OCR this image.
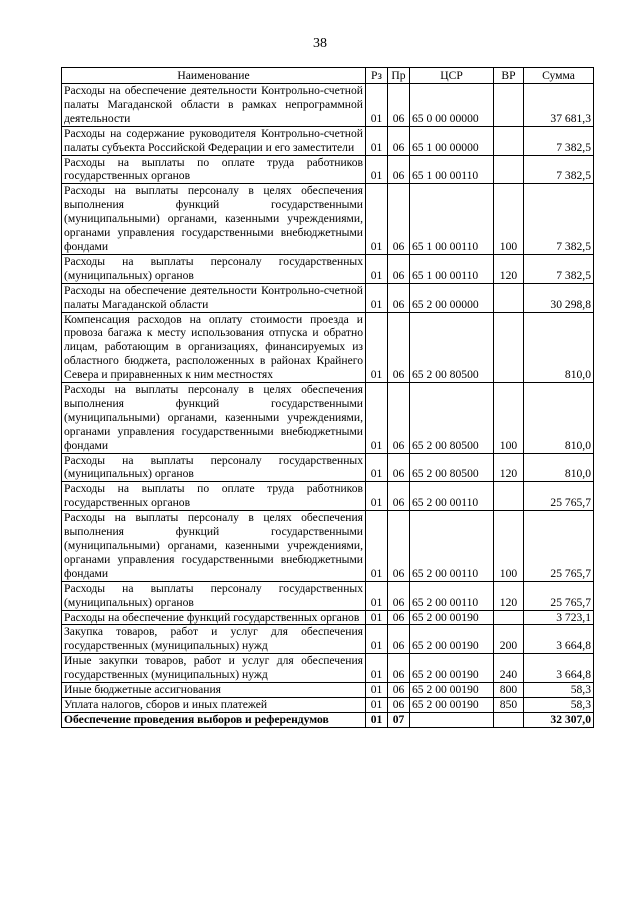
38
Наименование	Рз	Пр	ЦСР	ВР	Сумма
Расходы на обеспечение деятельности Контрольно-счетной палаты Магаданской области в рамках непрограммной деятельности	01	06	65 0 00 00000		37 681,3
Расходы на содержание руководителя Контрольно-счетной палаты субъекта Российской Федерации и его заместители	01	06	65 1 00 00000		7 382,5
Расходы на выплаты по оплате труда работников государственных органов	01	06	65 1 00 00110		7 382,5
Расходы на выплаты персоналу в целях обеспечения выполнения функций государственными (муниципальными) органами, казенными учреждениями, органами управления государственными внебюджетными фондами	01	06	65 1 00 00110	100	7 382,5
Расходы на выплаты персоналу государственных (муниципальных) органов	01	06	65 1 00 00110	120	7 382,5
Расходы на обеспечение деятельности Контрольно-счетной палаты Магаданской области	01	06	65 2 00 00000		30 298,8
Компенсация расходов на оплату стоимости проезда и провоза багажа к месту использования отпуска и обратно лицам, работающим в организациях, финансируемых из областного бюджета, расположенных в районах Крайнего Севера и приравненных к ним местностях	01	06	65 2 00 80500		810,0
Расходы на выплаты персоналу в целях обеспечения выполнения функций государственными (муниципальными) органами, казенными учреждениями, органами управления государственными внебюджетными фондами	01	06	65 2 00 80500	100	810,0
Расходы на выплаты персоналу государственных (муниципальных) органов	01	06	65 2 00 80500	120	810,0
Расходы на выплаты по оплате труда работников государственных органов	01	06	65 2 00 00110		25 765,7
Расходы на выплаты персоналу в целях обеспечения выполнения функций государственными (муниципальными) органами, казенными учреждениями, органами управления государственными внебюджетными фондами	01	06	65 2 00 00110	100	25 765,7
Расходы на выплаты персоналу государственных (муниципальных) органов	01	06	65 2 00 00110	120	25 765,7
Расходы на обеспечение функций государственных органов	01	06	65 2 00 00190		3 723,1
Закупка товаров, работ и услуг для обеспечения государственных (муниципальных) нужд	01	06	65 2 00 00190	200	3 664,8
Иные закупки товаров, работ и услуг для обеспечения государственных (муниципальных) нужд	01	06	65 2 00 00190	240	3 664,8
Иные бюджетные ассигнования	01	06	65 2 00 00190	800	58,3
Уплата налогов, сборов и иных платежей	01	06	65 2 00 00190	850	58,3
Обеспечение проведения выборов и референдумов	01	07			32 307,0
